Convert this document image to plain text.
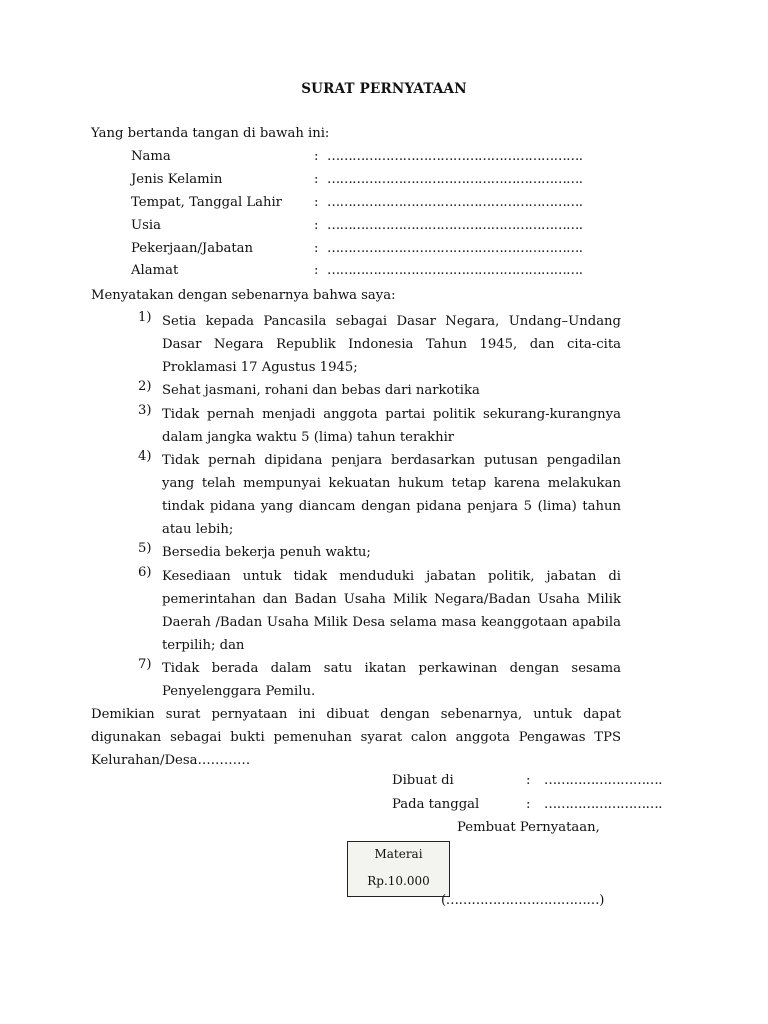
SURAT PERNYATAAN
Yang bertanda tangan di bawah ini:
Nama	: …………………………………………………….
Jenis Kelamin	: …………………………………………………….
Tempat, Tanggal Lahir : …………………………………………………….
Usia	: …………………………………………………….
Pekerjaan/Jabatan	: …………………………………………………….
Alamat	: …………………………………………………….
Menyatakan dengan sebenarnya bahwa saya:
1) Setia kepada Pancasila sebagai Dasar Negara, Undang–Undang Dasar Negara Republik Indonesia Tahun 1945, dan cita-cita Proklamasi 17 Agustus 1945;
2) Sehat jasmani, rohani dan bebas dari narkotika
3) Tidak pernah menjadi anggota partai politik sekurang-kurangnya dalam jangka waktu 5 (lima) tahun terakhir
4) Tidak pernah dipidana penjara berdasarkan putusan pengadilan yang telah mempunyai kekuatan hukum tetap karena melakukan tindak pidana yang diancam dengan pidana penjara 5 (lima) tahun atau lebih;
5) Bersedia bekerja penuh waktu;
6) Kesediaan untuk tidak menduduki jabatan politik, jabatan di pemerintahan dan Badan Usaha Milik Negara/Badan Usaha Milik Daerah /Badan Usaha Milik Desa selama masa keanggotaan apabila terpilih; dan
7) Tidak berada dalam satu ikatan perkawinan dengan sesama Penyelenggara Pemilu.
Demikian surat pernyataan ini dibuat dengan sebenarnya, untuk dapat digunakan sebagai bukti pemenuhan syarat calon anggota Pengawas TPS Kelurahan/Desa…………
Dibuat di	: ……………………….
Pada tanggal	: ……………………….
Pembuat Pernyataan,
Materai
Rp.10.000
(………………………………)
